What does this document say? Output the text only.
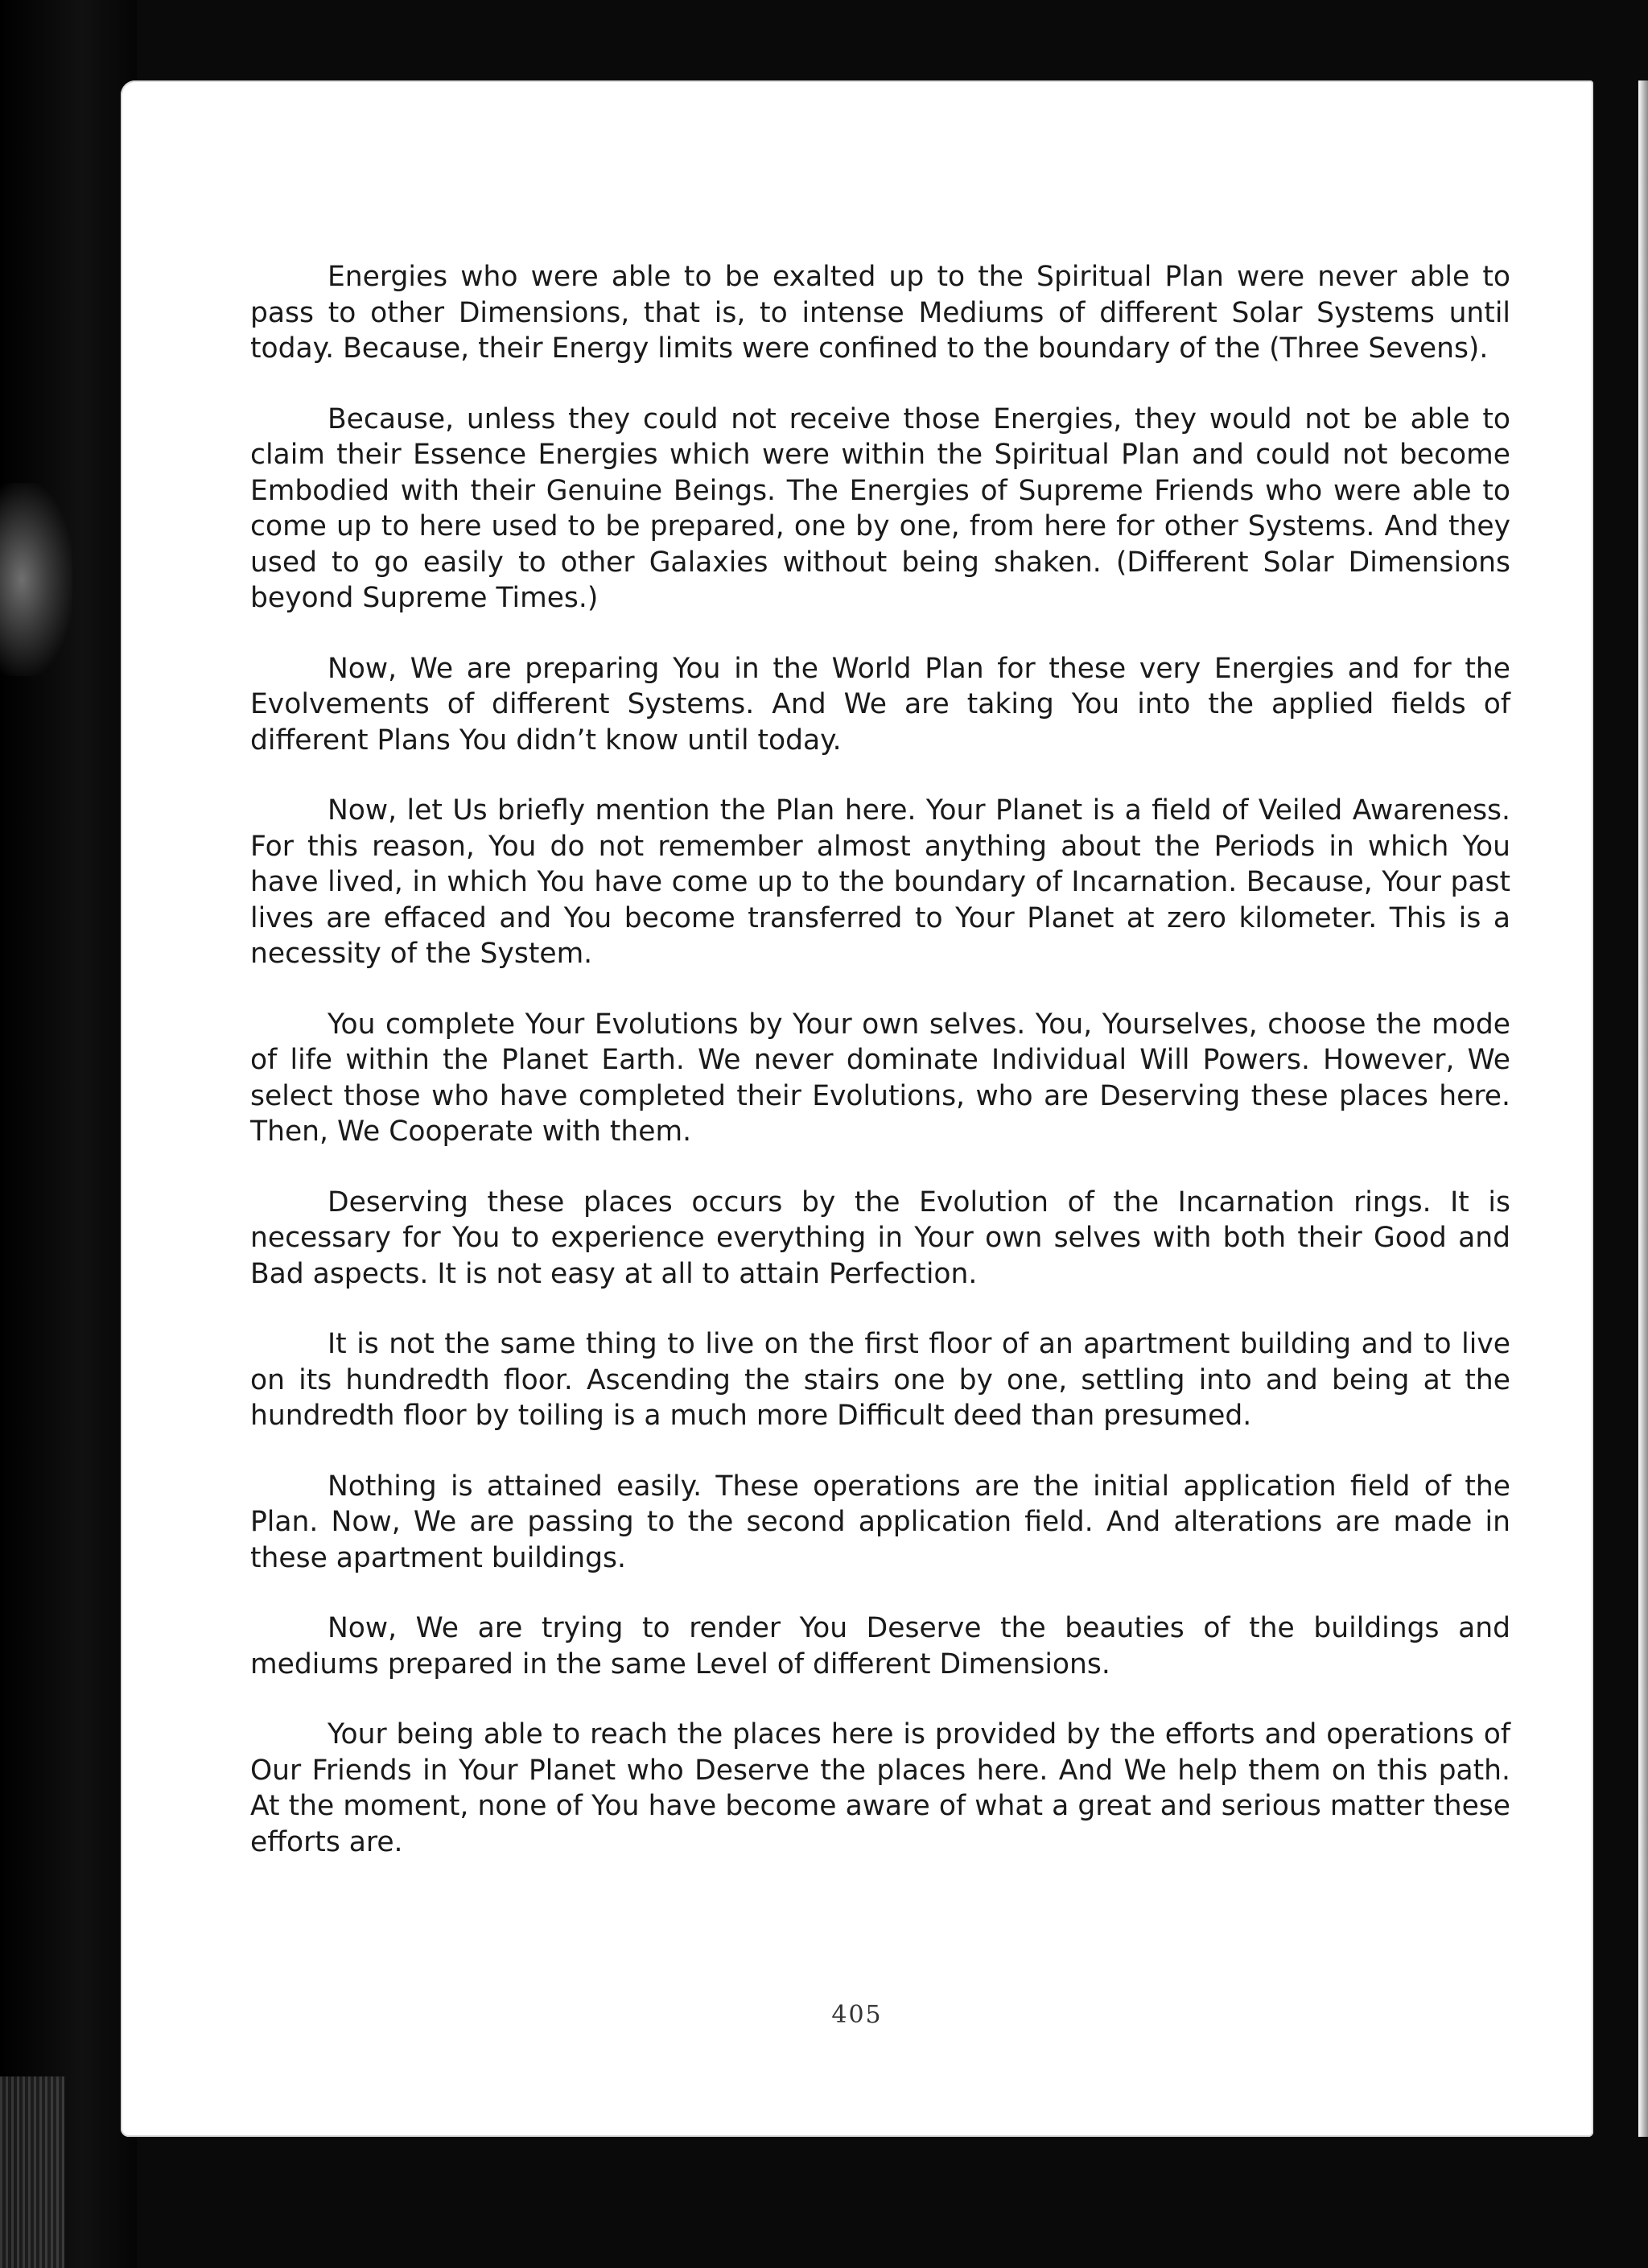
Energies who were able to be exalted up to the Spiritual Plan were never able to pass to other Dimensions, that is, to intense Mediums of different Solar Systems until today. Because, their Energy limits were confined to the boundary of the (Three Sevens).

Because, unless they could not receive those Energies, they would not be able to claim their Essence Energies which were within the Spiritual Plan and could not become Embodied with their Genuine Beings. The Energies of Supreme Friends who were able to come up to here used to be prepared, one by one, from here for other Systems. And they used to go easily to other Galaxies without being shaken. (Different Solar Dimensions beyond Supreme Times.)

Now, We are preparing You in the World Plan for these very Energies and for the Evolvements of different Systems. And We are taking You into the applied fields of different Plans You didn’t know until today.

Now, let Us briefly mention the Plan here. Your Planet is a field of Veiled Awareness. For this reason, You do not remember almost anything about the Periods in which You have lived, in which You have come up to the boundary of Incarnation. Because, Your past lives are effaced and You become transferred to Your Planet at zero kilometer. This is a necessity of the System.

You complete Your Evolutions by Your own selves. You, Yourselves, choose the mode of life within the Planet Earth. We never dominate Individual Will Powers. However, We select those who have completed their Evolutions, who are Deserving these places here. Then, We Cooperate with them.

Deserving these places occurs by the Evolution of the Incarnation rings. It is necessary for You to experience everything in Your own selves with both their Good and Bad aspects. It is not easy at all to attain Perfection.

It is not the same thing to live on the first floor of an apartment building and to live on its hundredth floor. Ascending the stairs one by one, settling into and being at the hundredth floor by toiling is a much more Difficult deed than presumed.

Nothing is attained easily. These operations are the initial application field of the Plan. Now, We are passing to the second application field. And alterations are made in these apartment buildings.

Now, We are trying to render You Deserve the beauties of the buildings and mediums prepared in the same Level of different Dimensions.

Your being able to reach the places here is provided by the efforts and operations of Our Friends in Your Planet who Deserve the places here. And We help them on this path. At the moment, none of You have become aware of what a great and serious matter these efforts are.

405
